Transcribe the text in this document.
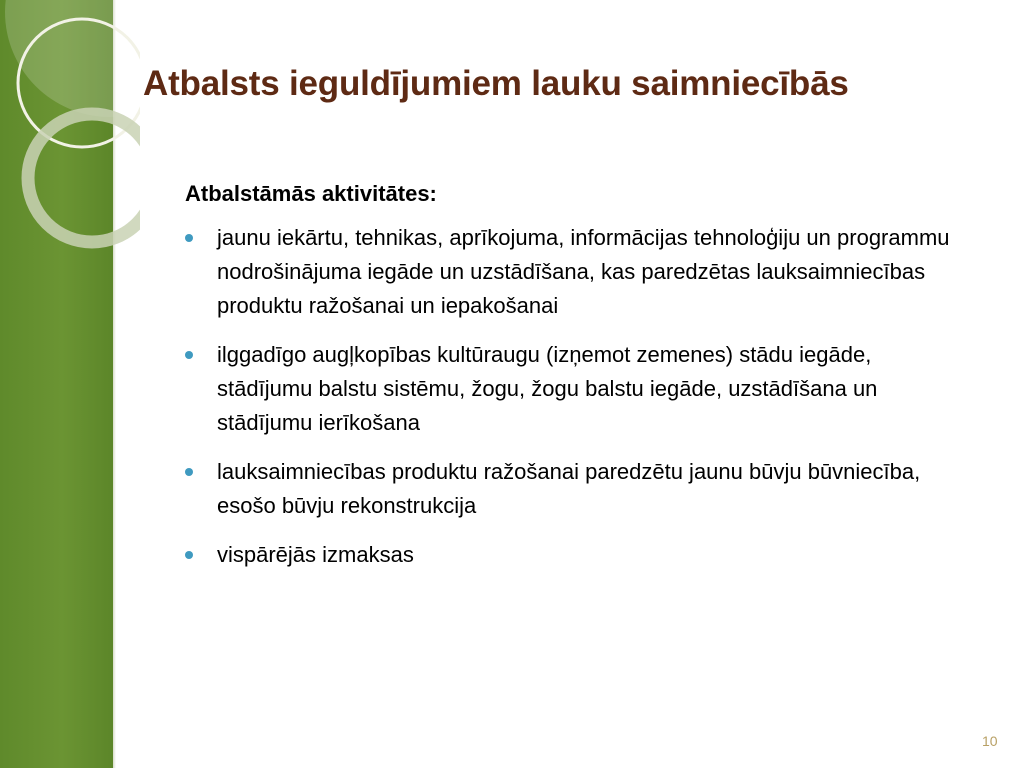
Atbalsts ieguldījumiem lauku saimniecībās

Atbalstāmās aktivitātes:

jaunu iekārtu, tehnikas, aprīkojuma, informācijas tehnoloģiju un programmu nodrošinājuma iegāde un uzstādīšana, kas paredzētas lauksaimniecības produktu ražošanai un iepakošanai
ilggadīgo augļkopības kultūraugu (izņemot zemenes) stādu iegāde, stādījumu balstu sistēmu, žogu, žogu balstu iegāde, uzstādīšana un stādījumu ierīkošana
lauksaimniecības produktu ražošanai paredzētu jaunu būvju būvniecība, esošo būvju rekonstrukcija
vispārējās izmaksas
10
